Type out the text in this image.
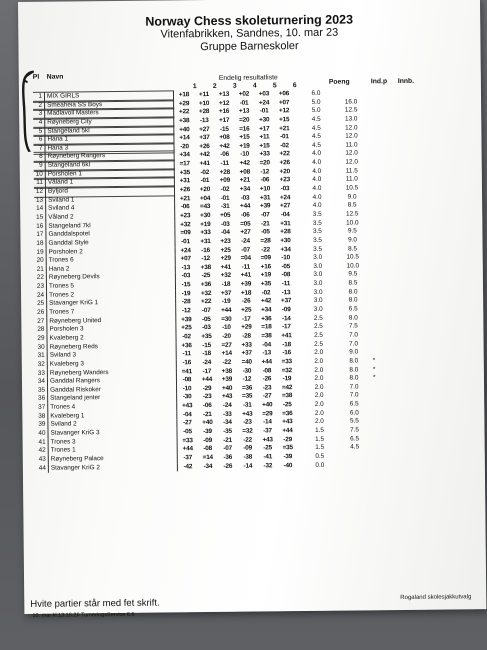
Norway Chess skoleturnering 2023
Vitenfabrikken, Sandnes, 10. mar 23
Gruppe Barneskoler
Pl Navn	Endelig resultatliste
1 2 3 4 5 6	Poeng	Ind.p Innb.
1 MIX GIRLS	+18	+11	+13	+02	+03	+06	6.0
2 Smeaheia SS Boys	+29	+10	+12	-01	+24	+07	5.0	16.0
3 Madlavoll Masters	+22	+28	+16	+13	-01	+12	5.0	12.5
4 Røyneberg City	+38	-13	+17	=20	+30	+15	4.5	13.0
5 Stangeland 5kl	+40	+27	-15	=16	+17	+21	4.5	12.0
6 Hana 1	+14	+37	+08	+15	+11	-01	4.5	12.0
7 Hana 3	-20	+26	+42	+19	+15	-02	4.5	11.0
8 Røyneberg Rangers	+34	+42	-06	-10	+33	+22	4.0	12.0
9 Stangeland 6kl	=17	+41	-11	+42	=20	+26	4.0	12.0
10 Porsholen 1	+35	-02	+28	+08	-12	+20	4.0	11.5
11 Våland 1	+31	-01	+09	+21	-06	+23	4.0	11.0
12 Byfjord	+26	+20	-02	+34	+10	-03	4.0	10.5
13 Sviland 1	+21	+04	-01	-03	+31	+24	4.0	9.0
14 Sviland 4	-06	=43	-31	+44	+39	+27	4.0	8.5
15 Våland 2	+23	+30	+05	-06	-07	-04	3.5	12.5
16 Stangeland 7kl	+32	+19	-03	=05	-21	+31	3.5	10.0
17 Ganddalspotet	=09	+33	-04	+27	-05	+28	3.5	9.5
18 Ganddal Style	-01	+31	+23	-24	=28	+30	3.5	9.0
19 Porsholen 2	+24	-16	+25	-07	-22	+34	3.5	8.5
20 Trones 6	+07	-12	+29	=04	=09	-10	3.0	10.5
21 Hana 2	-13	+38	+41	-11	+16	-05	3.0	10.0
22 Røyneberg Devils	-03	-25	+32	+41	+19	-08	3.0	9.5
23 Trones 5	-15	+36	-18	+39	+35	-11	3.0	8.5
24 Trones 2	-19	+32	+37	+18	-02	-13	3.0	8.0
25 Stavanger KriG 1	-28	+22	-19	-26	+42	+37	3.0	8.0
26 Trones 7	-12	-07	+44	+25	+34	-09	3.0	6.5
27 Røyneberg United	+39	-05	=30	-17	+36	-14	2.5	8.0
28 Porsholen 3	+25	-03	-10	+29	=18	-17	2.5	7.5
29 Kvaleberg 2	-02	+35	-20	-28	=38	+41	2.5	7.0
30 Røyneberg Reds	+36	-15	=27	+33	-04	-18	2.5	7.0
31 Sviland 3	-11	-18	+14	+37	-13	-16	2.0	9.0
32 Kvaleberg 3	-16	-24	-22	=40	+44	=33	2.0	8.0	*
33 Røyneberg Wanders	=41	-17	+38	-30	-08	=32	2.0	8.0	*
34 Ganddal Rangers	-08	+44	+39	-12	-26	-19	2.0	8.0	*
35 Ganddal Riskoker	-10	-29	+40	=36	-23	=42	2.0	7.0
36 Stangeland jenter	-30	-23	+43	=35	-27	=38	2.0	7.0
37 Trones 4	+43	-06	-24	-31	+40	-25	2.0	6.5
38 Kvaleberg 1	-04	-21	-33	+43	=29	=36	2.0	6.0
39 Sviland 2	-27	+40	-34	-23	-14	+43	2.0	5.5
40 Stavanger KriG 3	-05	-39	-35	=32	-37	+44	1.5	7.5
41 Trones 3	=33	-09	-21	-22	+43	-29	1.5	6.5
42 Trones 1	+44	-08	-07	-09	-25	=35	1.5	4.5
43 Røyneberg Palace	-37	=14	-36	-38	-41	-39	0.5
44 Stavanger KriG 2	-42	-34	-26	-14	-32	-40	0.0
Hvite partier står med fet skrift.
10. mar kl.13:16:26 TurneringsService 6.6
Rogaland skolesjakkutvalg
